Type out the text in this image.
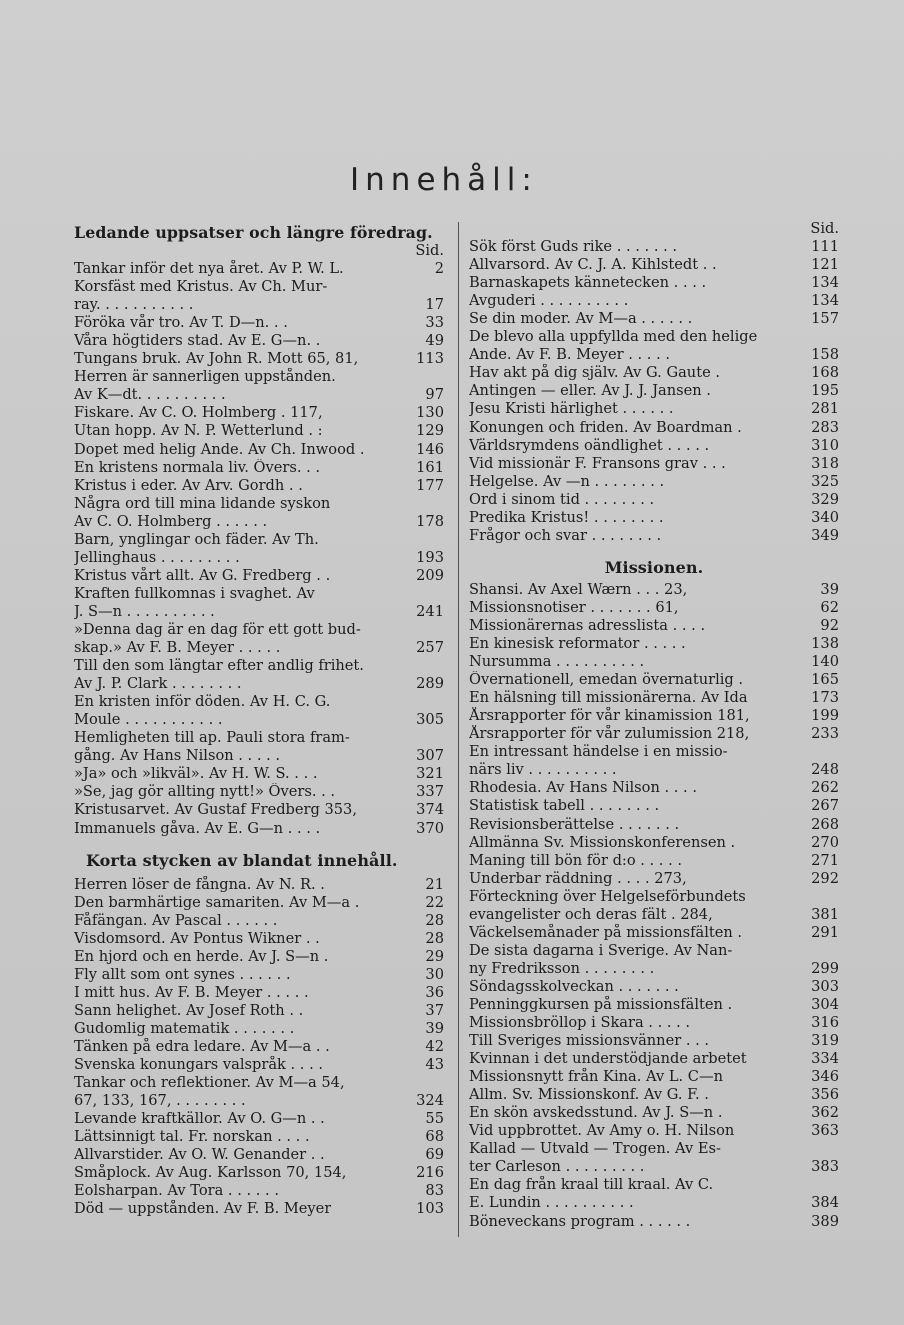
Innehåll:
Ledande uppsatser och längre föredrag.
Sid.
Tankar inför det nya året. Av P. W. L.	2
Korsfäst med Kristus. Av Ch. Mur-
ray. . . . . . . . . . .	17
Föröka vår tro. Av T. D—n. . .	33
Våra högtiders stad. Av E. G—n. .	49
Tungans bruk. Av John R. Mott 65, 81,	113
Herren är sannerligen uppstånden.
Av K—dt. . . . . . . . . .	97
Fiskare. Av C. O. Holmberg . 117,	130
Utan hopp. Av N. P. Wetterlund . :	129
Dopet med helig Ande. Av Ch. Inwood .	146
En kristens normala liv. Övers. . .	161
Kristus i eder. Av Arv. Gordh . .	177
Några ord till mina lidande syskon
Av C. O. Holmberg . . . . . .	178
Barn, ynglingar och fäder. Av Th.
Jellinghaus . . . . . . . . .	193
Kristus vårt allt. Av G. Fredberg . .	209
Kraften fullkomnas i svaghet. Av
J. S—n . . . . . . . . . .	241
»Denna dag är en dag för ett gott bud-
skap.» Av F. B. Meyer . . . . .	257
Till den som längtar efter andlig frihet.
Av J. P. Clark . . . . . . . .	289
En kristen inför döden. Av H. C. G.
Moule . . . . . . . . . . .	305
Hemligheten till ap. Pauli stora fram-
gång. Av Hans Nilson . . . . .	307
»Ja» och »likväl». Av H. W. S. . . .	321
»Se, jag gör allting nytt!» Övers. . .	337
Kristusarvet. Av Gustaf Fredberg 353,	374
Immanuels gåva. Av E. G—n . . . .	370
Korta stycken av blandat innehåll.
Herren löser de fångna. Av N. R. .	21
Den barmhärtige samariten. Av M—a .	22
Fåfängan. Av Pascal . . . . . .	28
Visdomsord. Av Pontus Wikner . .	28
En hjord och en herde. Av J. S—n .	29
Fly allt som ont synes . . . . . .	30
I mitt hus. Av F. B. Meyer . . . . .	36
Sann helighet. Av Josef Roth . .	37
Gudomlig matematik . . . . . . .	39
Tänken på edra ledare. Av M—a . .	42
Svenska konungars valspråk . . . .	43
Tankar och reflektioner. Av M—a 54,
67, 133, 167, . . . . . . . .	324
Levande kraftkällor. Av O. G—n . .	55
Lättsinnigt tal. Fr. norskan . . . .	68
Allvarstider. Av O. W. Genander . .	69
Småplock. Av Aug. Karlsson 70, 154,	216
Eolsharpan. Av Tora . . . . . .	83
Död — uppstånden. Av F. B. Meyer	103
Sid.
Sök först Guds rike . . . . . . .	111
Allvarsord. Av C. J. A. Kihlstedt . .	121
Barnaskapets kännetecken . . . .	134
Avguderi . . . . . . . . . .	134
Se din moder. Av M—a . . . . . .	157
De blevo alla uppfyllda med den helige
Ande. Av F. B. Meyer . . . . .	158
Hav akt på dig själv. Av G. Gaute .	168
Antingen — eller. Av J. J. Jansen .	195
Jesu Kristi härlighet . . . . . .	281
Konungen och friden. Av Boardman .	283
Världsrymdens oändlighet . . . . .	310
Vid missionär F. Fransons grav . . .	318
Helgelse. Av —n . . . . . . . .	325
Ord i sinom tid . . . . . . . .	329
Predika Kristus! . . . . . . . .	340
Frågor och svar . . . . . . . .	349
Missionen.
Shansi. Av Axel Wærn . . . 23,	39
Missionsnotiser . . . . . . . 61,	62
Missionärernas adresslista . . . .	92
En kinesisk reformator . . . . .	138
Nursumma . . . . . . . . . .	140
Övernationell, emedan övernaturlig .	165
En hälsning till missionärerna. Av Ida	173
Årsrapporter för vår kinamission 181,	199
Årsrapporter för vår zulumission 218,	233
En intressant händelse i en missio-
närs liv . . . . . . . . . .	248
Rhodesia. Av Hans Nilson . . . .	262
Statistisk tabell . . . . . . . .	267
Revisionsberättelse . . . . . . .	268
Allmänna Sv. Missionskonferensen .	270
Maning till bön för d:o . . . . .	271
Underbar räddning . . . . 273,	292
Förteckning över Helgelseförbundets
evangelister och deras fält . 284,	381
Väckelsemånader på missionsfälten .	291
De sista dagarna i Sverige. Av Nan-
ny Fredriksson . . . . . . . .	299
Söndagsskolveckan . . . . . . .	303
Penninggkursen på missionsfälten .	304
Missionsbröllop i Skara . . . . .	316
Till Sveriges missionsvänner . . .	319
Kvinnan i det understödjande arbetet	334
Missionsnytt från Kina. Av L. C—n	346
Allm. Sv. Missionskonf. Av G. F. .	356
En skön avskedsstund. Av J. S—n .	362
Vid uppbrottet. Av Amy o. H. Nilson	363
Kallad — Utvald — Trogen. Av Es-
ter Carleson . . . . . . . . .	383
En dag från kraal till kraal. Av C.
E. Lundin . . . . . . . . . .	384
Böneveckans program . . . . . .	389
